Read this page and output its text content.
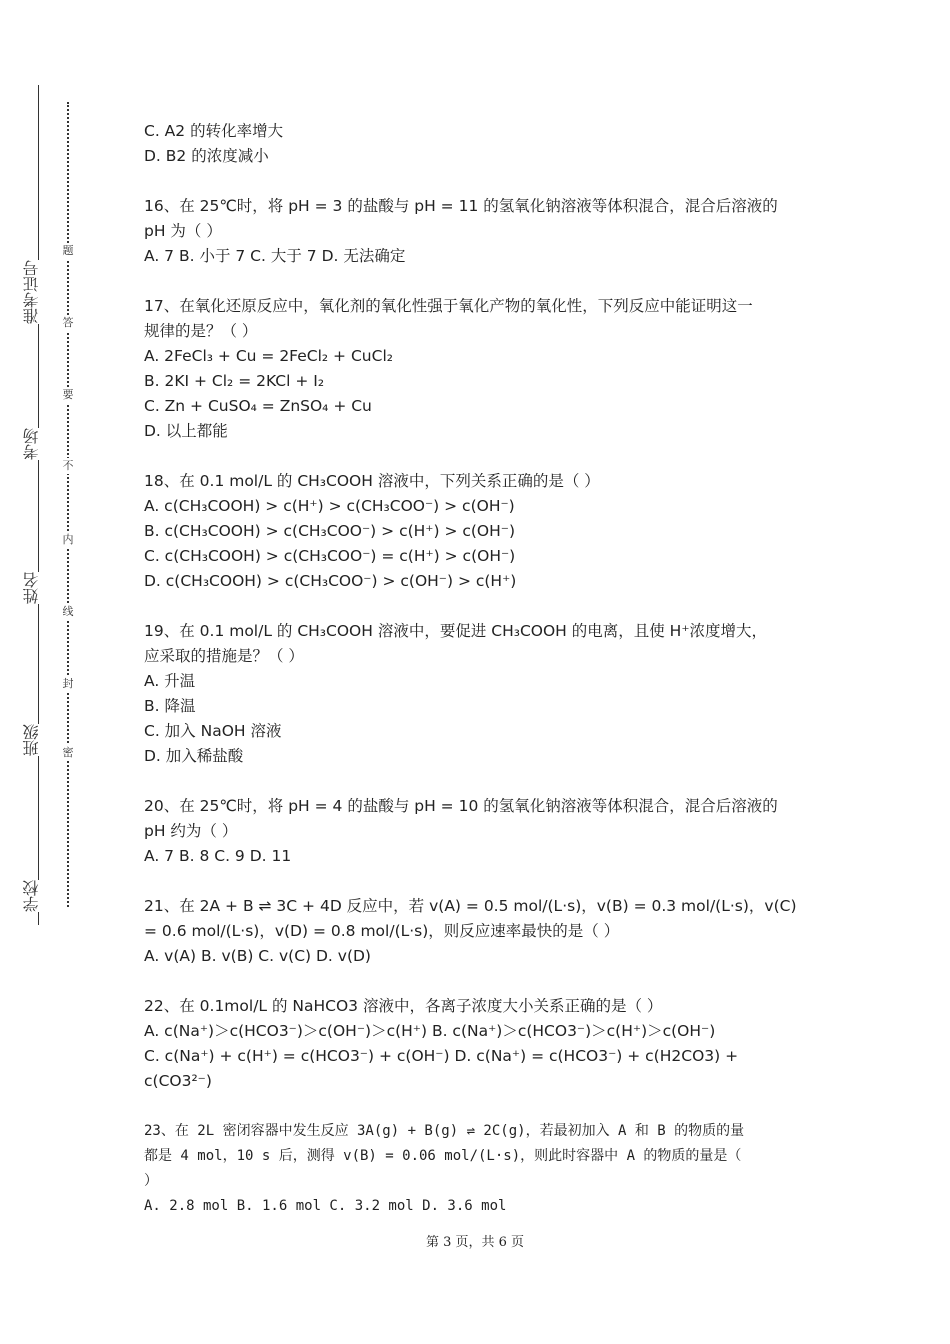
学校
班级
姓名
考场
准考证号
密
封
线
内
不
要
答
题
C. A2 的转化率增大
D. B2 的浓度减小
16、在 25℃时，将 pH = 3 的盐酸与 pH = 11 的氢氧化钠溶液等体积混合，混合后溶液的
pH 为（ ）
A. 7 B. 小于 7 C. 大于 7 D. 无法确定
17、在氧化还原反应中，氧化剂的氧化性强于氧化产物的氧化性，下列反应中能证明这一
规律的是？（ ）
A. 2FeCl₃ + Cu = 2FeCl₂ + CuCl₂
B. 2KI + Cl₂ = 2KCl + I₂
C. Zn + CuSO₄ = ZnSO₄ + Cu
D. 以上都能
18、在 0.1 mol/L 的 CH₃COOH 溶液中，下列关系正确的是（ ）
A. c(CH₃COOH) > c(H⁺) > c(CH₃COO⁻) > c(OH⁻)
B. c(CH₃COOH) > c(CH₃COO⁻) > c(H⁺) > c(OH⁻)
C. c(CH₃COOH) > c(CH₃COO⁻) = c(H⁺) > c(OH⁻)
D. c(CH₃COOH) > c(CH₃COO⁻) > c(OH⁻) > c(H⁺)
19、在 0.1 mol/L 的 CH₃COOH 溶液中，要促进 CH₃COOH 的电离，且使 H⁺浓度增大，
应采取的措施是？（ ）
A. 升温
B. 降温
C. 加入 NaOH 溶液
D. 加入稀盐酸
20、在 25℃时，将 pH = 4 的盐酸与 pH = 10 的氢氧化钠溶液等体积混合，混合后溶液的
pH 约为（ ）
A. 7 B. 8 C. 9 D. 11
21、在 2A + B ⇌ 3C + 4D 反应中，若 v(A) = 0.5 mol/(L·s)，v(B) = 0.3 mol/(L·s)，v(C)
= 0.6 mol/(L·s)，v(D) = 0.8 mol/(L·s)，则反应速率最快的是（ ）
A. v(A) B. v(B) C. v(C) D. v(D)
22、在 0.1mol/L 的 NaHCO3 溶液中，各离子浓度大小关系正确的是（ ）
A. c(Na⁺)＞c(HCO3⁻)＞c(OH⁻)＞c(H⁺) B. c(Na⁺)＞c(HCO3⁻)＞c(H⁺)＞c(OH⁻)
C. c(Na⁺) + c(H⁺) = c(HCO3⁻) + c(OH⁻) D. c(Na⁺) = c(HCO3⁻) + c(H2CO3) +
c(CO3²⁻)
23、在 2L 密闭容器中发生反应 3A(g) + B(g) ⇌ 2C(g)，若最初加入 A 和 B 的物质的量
都是 4 mol，10 s 后，测得 v(B) = 0.06 mol/(L·s)，则此时容器中 A 的物质的量是（
）
A. 2.8 mol B. 1.6 mol C. 3.2 mol D. 3.6 mol
第 3 页，共 6 页
